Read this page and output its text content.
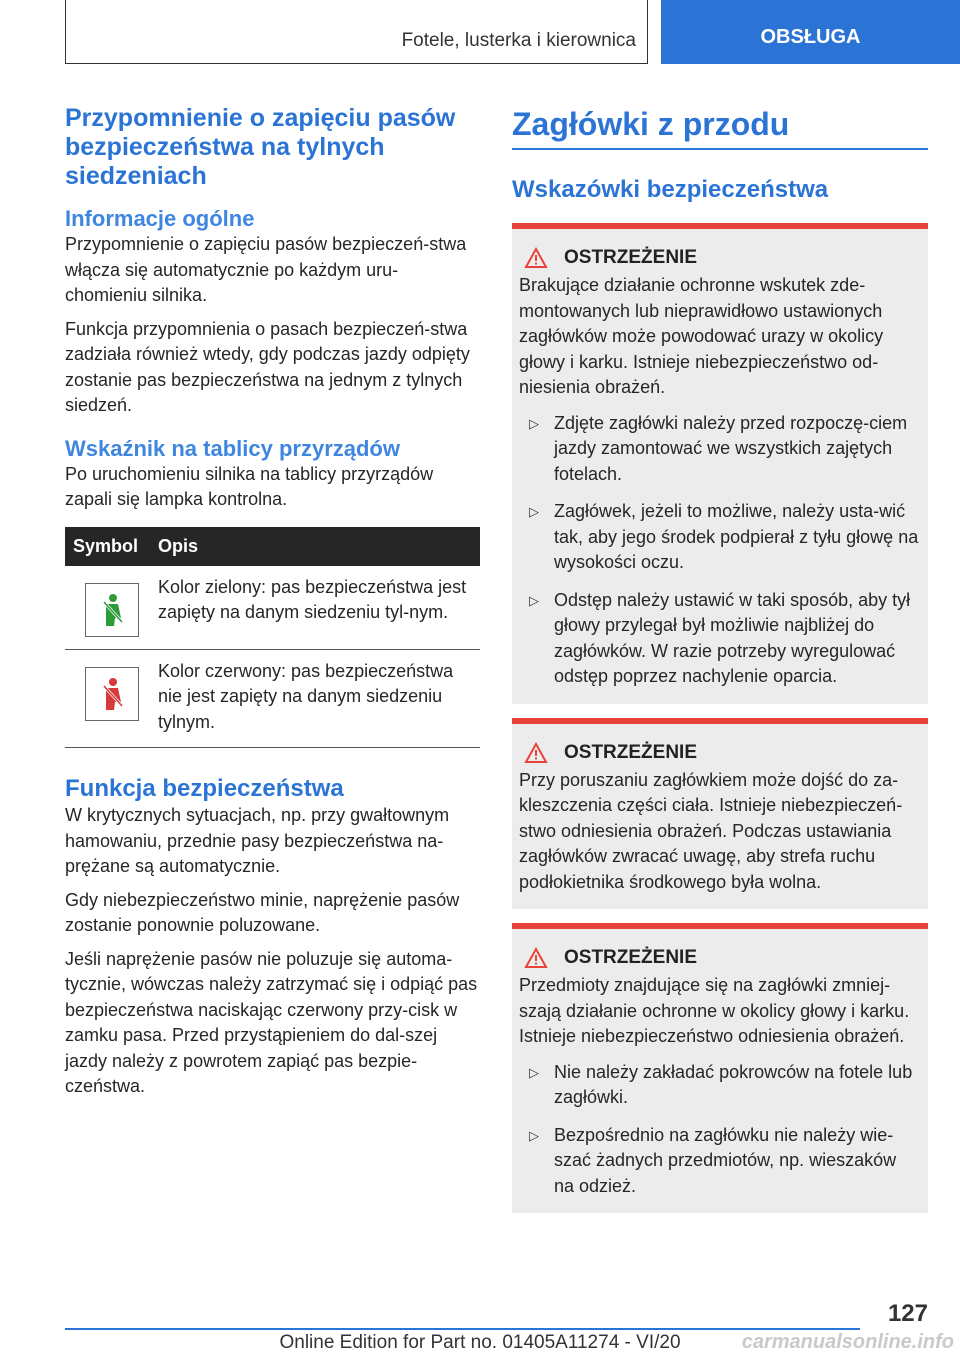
Fotele, lusterka i kierownica	OBSŁUGA
Przypomnienie o zapięciu pasów bezpieczeństwa na tylnych siedzeniach
Informacje ogólne

Przypomnienie o zapięciu pasów bezpieczeń-stwa włącza się automatycznie po każdym uru-chomieniu silnika.

Funkcja przypomnienia o pasach bezpieczeń-stwa zadziała również wtedy, gdy podczas jazdy odpięty zostanie pas bezpieczeństwa na jednym z tylnych siedzeń.

Wskaźnik na tablicy przyrządów

Po uruchomieniu silnika na tablicy przyrządów zapali się lampka kontrolna.

Symbol	Opis
Kolor zielony: pas bezpieczeństwa jest zapięty na danym siedzeniu tyl-nym.
Kolor czerwony: pas bezpieczeństwa nie jest zapięty na danym siedzeniu tylnym.
Funkcja bezpieczeństwa

W krytycznych sytuacjach, np. przy gwałtownym hamowaniu, przednie pasy bezpieczeństwa na-prężane są automatycznie.

Gdy niebezpieczeństwo minie, naprężenie pasów zostanie ponownie poluzowane.

Jeśli naprężenie pasów nie poluzuje się automa-tycznie, wówczas należy zatrzymać się i odpiąć pas bezpieczeństwa naciskając czerwony przy-cisk w zamku pasa. Przed przystąpieniem do dal-szej jazdy należy z powrotem zapiąć pas bezpie-czeństwa.

Zagłówki z przodu
Wskazówki bezpieczeństwa
OSTRZEŻENIE

Brakujące działanie ochronne wskutek zde-montowanych lub nieprawidłowo ustawionych zagłówków może powodować urazy w okolicy głowy i karku. Istnieje niebezpieczeństwo od-niesienia obrażeń.

▷ Zdjęte zagłówki należy przed rozpoczę-ciem jazdy zamontować we wszystkich zajętych fotelach.
▷ Zagłówek, jeżeli to możliwe, należy usta-wić tak, aby jego środek podpierał z tyłu głowę na wysokości oczu.
▷ Odstęp należy ustawić w taki sposób, aby tył głowy przylegał był możliwie najbliżej do zagłówków. W razie potrzeby wyregulować odstęp poprzez nachylenie oparcia.
OSTRZEŻENIE

Przy poruszaniu zagłówkiem może dojść do za-kleszczenia części ciała. Istnieje niebezpieczeń-stwo odniesienia obrażeń. Podczas ustawiania zagłówków zwracać uwagę, aby strefa ruchu podłokietnika środkowego była wolna.

OSTRZEŻENIE

Przedmioty znajdujące się na zagłówki zmniej-szają działanie ochronne w okolicy głowy i karku. Istnieje niebezpieczeństwo odniesienia obrażeń.

▷ Nie należy zakładać pokrowców na fotele lub zagłówki.
▷ Bezpośrednio na zagłówku nie należy wie-szać żadnych przedmiotów, np. wieszaków na odzież.
127
Online Edition for Part no. 01405A11274 - VI/20	carmanualsonline.info
